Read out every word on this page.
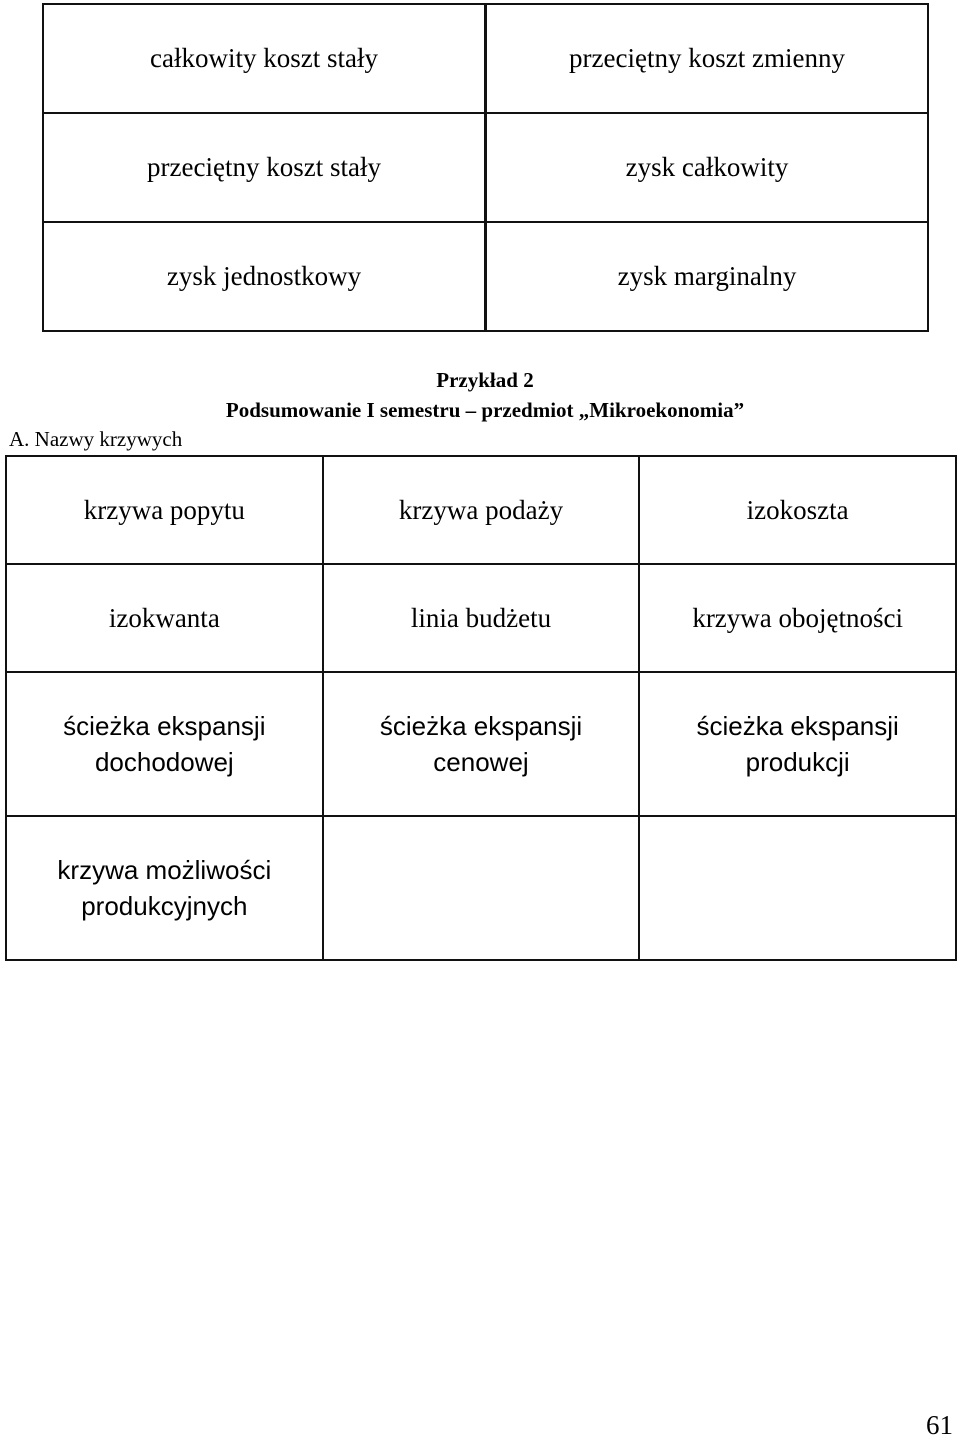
całkowity koszt stały	przeciętny koszt zmienny
przeciętny koszt stały	zysk całkowity
zysk jednostkowy	zysk marginalny
Przykład 2
Podsumowanie I semestru – przedmiot „Mikroekonomia”
A. Nazwy krzywych
krzywa popytu	krzywa podaży	izokoszta
izokwanta	linia budżetu	krzywa obojętności
ścieżka ekspansji dochodowej	ścieżka ekspansji cenowej	ścieżka ekspansji produkcji
krzywa możliwości produkcyjnych		
61
